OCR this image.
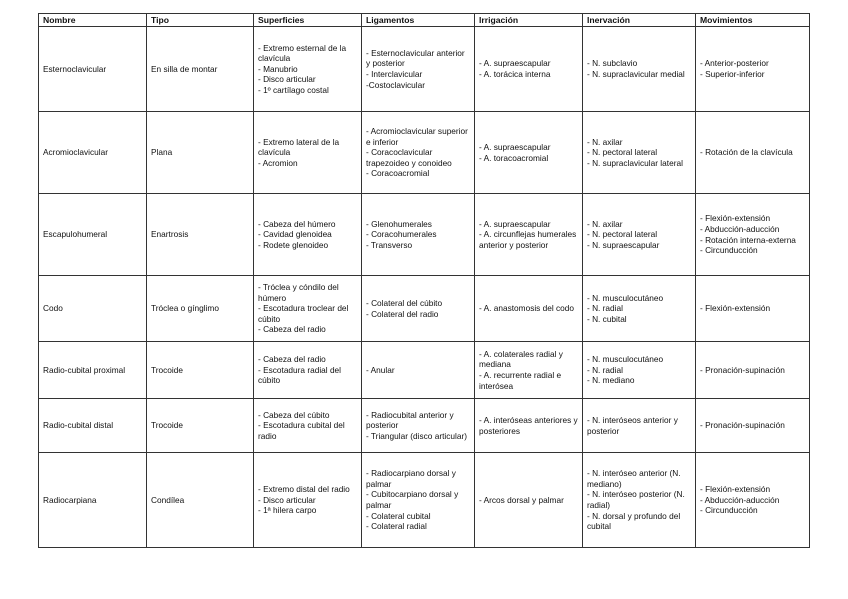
Nombre	Tipo	Superficies	Ligamentos	Irrigación	Inervación	Movimientos
Esternoclavicular	En silla de montar	- Extremo esternal de la clavícula
- Manubrio
- Disco articular
- 1º cartílago costal	- Esternoclavicular anterior y posterior
- Interclavicular
-Costoclavicular	- A. supraescapular
- A. torácica interna	- N. subclavio
- N. supraclavicular medial	- Anterior-posterior
- Superior-inferior

Acromioclavicular	Plana	- Extremo lateral de la clavícula
- Acromion	- Acromioclavicular superior e inferior
- Coracoclavicular trapezoideo y conoideo
- Coracoacromial	- A. supraescapular
- A. toracoacromial	- N. axilar
- N. pectoral lateral
- N. supraclavicular lateral	- Rotación de la clavícula

Escapulohumeral	Enartrosis	- Cabeza del húmero
- Cavidad glenoidea
- Rodete glenoideo	- Glenohumerales
- Coracohumerales
- Transverso	- A. supraescapular
- A. circunflejas humerales anterior y posterior	- N. axilar
- N. pectoral lateral
- N. supraescapular	- Flexión-extensión
- Abducción-aducción
- Rotación interna-externa
- Circunducción

Codo	Tróclea o gínglimo	- Tróclea y cóndilo del húmero
- Escotadura troclear del cúbito
- Cabeza del radio	- Colateral del cúbito
- Colateral del radio	- A. anastomosis del codo	- N. musculocutáneo
- N. radial
- N. cubital	- Flexión-extensión

Radio-cubital proximal	Trocoide	- Cabeza del radio
- Escotadura radial del cúbito	- Anular	- A. colaterales radial y mediana
- A. recurrente radial e interósea	- N. musculocutáneo
- N. radial
- N. mediano	- Pronación-supinación

Radio-cubital distal	Trocoide	- Cabeza del cúbito
- Escotadura cubital del radio	- Radiocubital anterior y posterior
- Triangular (disco articular)	- A. interóseas anteriores y posteriores	- N. interóseos anterior y posterior	- Pronación-supinación

Radiocarpiana	Condílea	- Extremo distal del radio
- Disco articular
- 1ª hilera carpo	- Radiocarpiano dorsal y palmar
- Cubitocarpiano dorsal y palmar
- Colateral cubital
- Colateral radial	- Arcos dorsal y palmar	- N. interóseo anterior (N. mediano)
- N. interóseo posterior (N. radial)
- N. dorsal y profundo del cubital	- Flexión-extensión
- Abducción-aducción
- Circunducción
